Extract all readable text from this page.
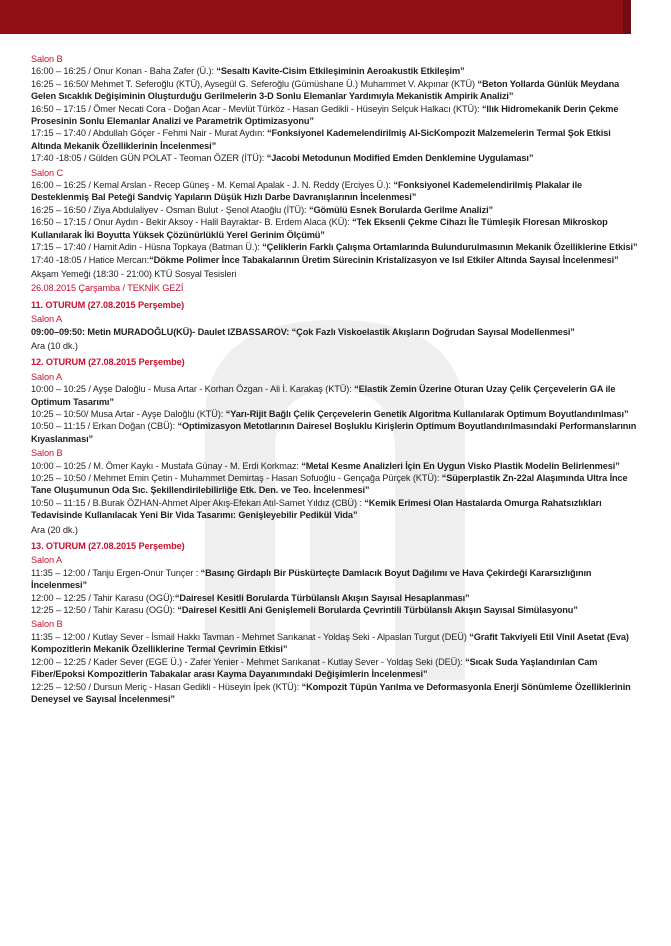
Salon B
16:00 – 16:25 / Onur Konan - Baha Zafer (Ü.): “Sesaltı Kavite-Cisim Etkileşiminin Aeroakustik Etkileşim”
16:25 – 16:50/ Mehmet T. Seferoğlu (KTÜ), Aysegül G. Seferoğlu (Gümüshane Ü.) Muhammet V. Akpınar (KTÜ) “Beton Yollarda Günlük Meydana Gelen Sıcaklık Değişiminin Oluşturduğu Gerilmelerin 3-D Sonlu Elemanlar Yardımıyla Mekanistik Ampirik Analizi”
16:50 – 17:15 / Ömer Necati Cora - Doğan Acar - Mevlüt Türköz - Hasan Gedikli - Hüseyin Selçuk Halkacı (KTÜ): “Ilık Hidromekanik Derin Çekme Prosesinin Sonlu Elemanlar Analizi ve Parametrik Optimizasyonu”
17:15 – 17:40 / Abdullah Göçer - Fehmi Nair - Murat Aydın: “Fonksiyonel Kademelendirilmiş Al-SicKompozit Malzemelerin Termal Şok Etkisi Altında Mekanik Özelliklerinin İncelenmesi”
17:40 -18:05 / Gülden GÜN POLAT - Teoman ÖZER (İTÜ): “Jacobi Metodunun Modified Emden Denklemine Uygulaması”
Salon C
16:00 – 16:25 / Kemal Arslan - Recep Güneş - M. Kemal Apalak - J. N. Reddy (Erciyes Ü.): “Fonksiyonel Kademelendirilmiş Plakalar ile Desteklenmiş Bal Peteği Sandviç Yapıların Düşük Hızlı Darbe Davranışlarının İncelenmesi”
16:25 – 16:50 / Ziya Abdulaliyev - Osman Bulut - Şenol Ataoğlu (İTÜ): “Gömülü Esnek Borularda Gerilme Analizi”
16:50 – 17:15 / Onur Aydın - Bekir Aksoy - Halil Bayraktar- B. Erdem Alaca (KÜ): “Tek Eksenli Çekme Cihazı İle Tümleşik Floresan Mikroskop Kullanılarak İki Boyutta Yüksek Çözünürlüklü Yerel Gerinim Ölçümü”
17:15 – 17:40 / Hamit Adin - Hüsna Topkaya (Batman Ü.): “Çeliklerin Farklı Çalışma Ortamlarında Bulundurulmasının Mekanik Özelliklerine Etkisi”
17:40 -18:05 / Hatice Mercan:“Dökme Polimer İnce Tabakalarının Üretim Sürecinin Kristalizasyon ve Isıl Etkiler Altında Sayısal İncelenmesi”
Akşam Yemeği (18:30 - 21:00) KTÜ Sosyal Tesisleri
26.08.2015 Çarşamba / TEKNİK GEZİ
11. OTURUM (27.08.2015 Perşembe)
Salon A
09:00–09:50: Metin MURADOĞLU(KÜ)- Daulet IZBASSAROV: “Çok Fazlı Viskoelastik Akışların Doğrudan Sayısal Modellenmesi”
Ara (10 dk.)
12. OTURUM (27.08.2015 Perşembe)
Salon A
10:00 – 10:25 / Ayşe Daloğlu - Musa Artar - Korhan Özgan - Ali İ. Karakaş (KTÜ): “Elastik Zemin Üzerine Oturan Uzay Çelik Çerçevelerin GA ile Optimum Tasarımı”
10:25 – 10:50/ Musa Artar - Ayşe Daloğlu (KTÜ): “Yarı-Rijit Bağlı Çelik Çerçevelerin Genetik Algoritma Kullanılarak Optimum Boyutlandırılması”
10:50 – 11:15 / Erkan Doğan (CBÜ): “Optimizasyon Metotlarının Dairesel Boşluklu Kirişlerin Optimum Boyutlandırılmasındaki Performanslarının Kıyaslanması”
Salon B
10:00 – 10:25 / M. Ömer Kaykı - Mustafa Günay - M. Erdi Korkmaz: “Metal Kesme Analizleri İçin En Uygun Visko Plastik Modelin Belirlenmesi”
10:25 – 10:50 / Mehmet Emin Çetin - Muhammet Demirtaş - Hasan Sofuoğlu - Gençağa Pürçek (KTÜ): “Süperplastik Zn-22al Alaşımında Ultra İnce Tane Oluşumunun Oda Sıc. Şekillendirilebilirliğe Etk. Den. ve Teo. İncelenmesi”
10:50 – 11:15 / B.Burak ÖZHAN-Ahmet Alper Akış-Efekan Atıl-Samet Yıldız (CBÜ) : “Kemik Erimesi Olan Hastalarda Omurga Rahatsızlıkları Tedavisinde Kullanılacak Yeni Bir Vida Tasarımı: Genişleyebilir Pedikül Vida”
Ara (20 dk.)
13. OTURUM (27.08.2015 Perşembe)
Salon A
11:35 – 12:00 / Tanju Ergen-Onur Tunçer : “Basınç Girdaplı Bir Püskürteçte Damlacık Boyut Dağılımı ve Hava Çekirdeği Kararsızlığının İncelenmesi”
12:00 – 12:25 / Tahir Karasu (OGÜ):“Dairesel Kesitli Borularda Türbülanslı Akışın Sayısal Hesaplanması”
12:25 – 12:50 / Tahir Karasu (OGÜ): “Dairesel Kesitli Ani Genişlemeli Borularda Çevrintili Türbülanslı Akışın Sayısal Simülasyonu”
Salon B
11:35 – 12:00 / Kutlay Sever - İsmail Hakkı Tavman - Mehmet Sarıkanat - Yoldaş Seki - Alpaslan Turgut (DEÜ) “Grafit Takviyeli Etil Vinil Asetat (Eva) Kompozitlerin Mekanik Özelliklerine Termal Çevrimin Etkisi”
12:00 – 12:25 / Kader Sever (EGE Ü.) - Zafer Yenier - Mehmet Sarıkanat - Kutlay Sever - Yoldaş Seki (DEÜ): “Sıcak Suda Yaşlandırılan Cam Fiber/Epoksi Kompozitlerin Tabakalar arası Kayma Dayanımındaki Değişimlerin İncelenmesi”
12:25 – 12:50 / Dursun Meriç - Hasan Gedikli - Hüseyin İpek (KTÜ): “Kompozit Tüpün Yarılma ve Deformasyonla Enerji Sönümleme Özelliklerinin Deneysel ve Sayısal İncelenmesi”
